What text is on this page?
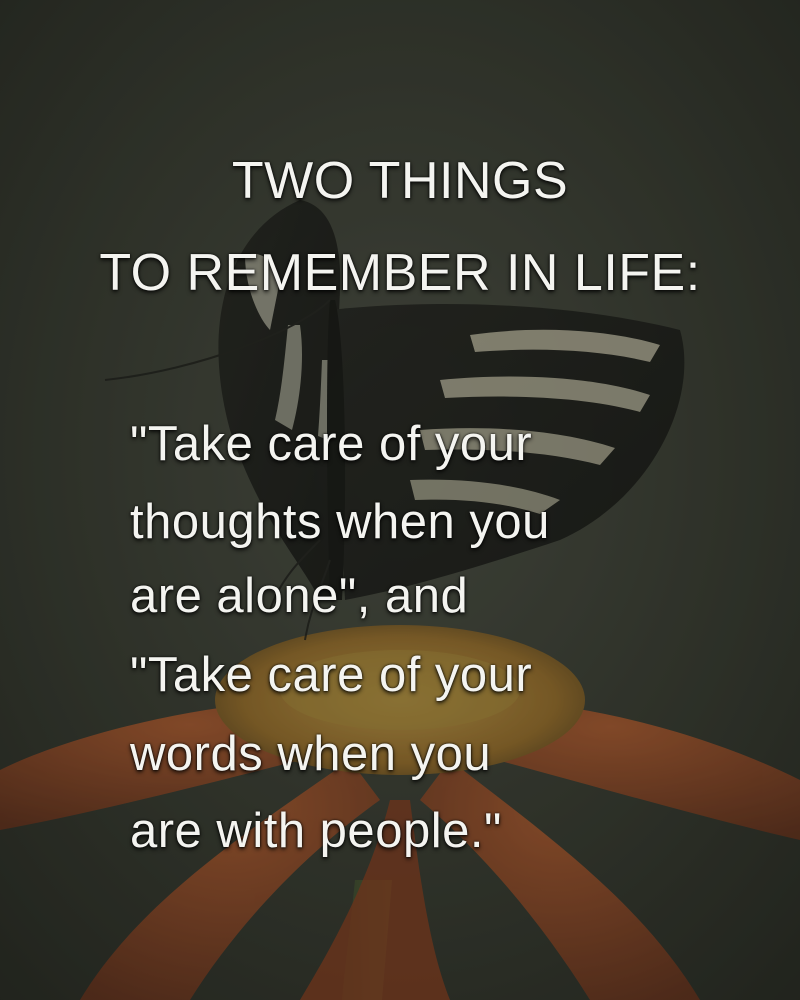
TWO THINGS
TO REMEMBER IN LIFE:
"Take care of your
thoughts when you
are alone", and
"Take care of your
words when you
are with people."
